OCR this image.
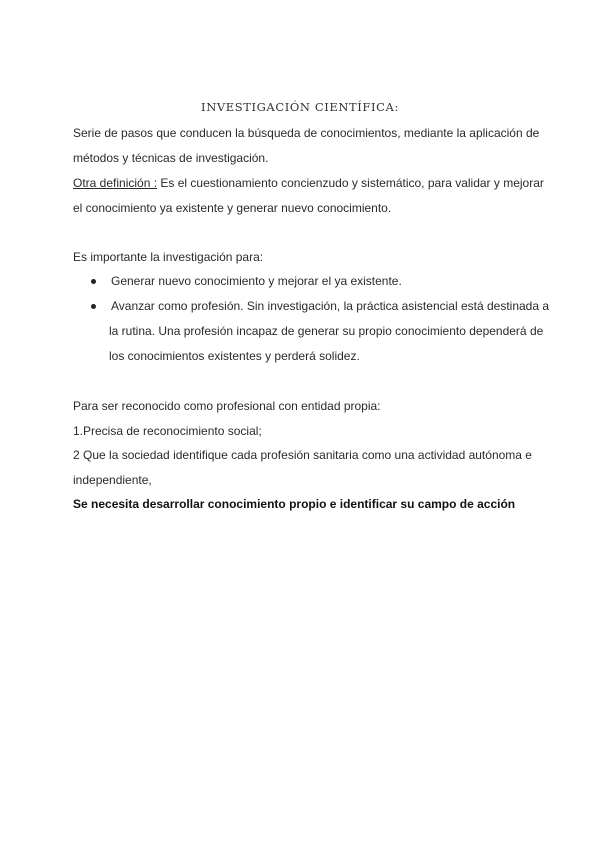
INVESTIGACIÓN CIENTÍFICA:
Serie de pasos que conducen la búsqueda de conocimientos, mediante la aplicación de
métodos y técnicas de investigación.
Otra definición : Es el cuestionamiento concienzudo y sistemático, para validar y mejorar
el conocimiento ya existente y generar nuevo conocimiento.
Es importante la investigación para:
Generar nuevo conocimiento y mejorar el ya existente.
Avanzar como profesión. Sin investigación, la práctica asistencial está destinada a
la rutina. Una profesión incapaz de generar su propio conocimiento dependerá de
los conocimientos existentes y perderá solidez.
Para ser reconocido como profesional con entidad propia:
1.Precisa de reconocimiento social;
2 Que la sociedad identifique cada profesión sanitaria como una actividad autónoma e
independiente,
Se necesita desarrollar conocimiento propio e identificar su campo de acción
